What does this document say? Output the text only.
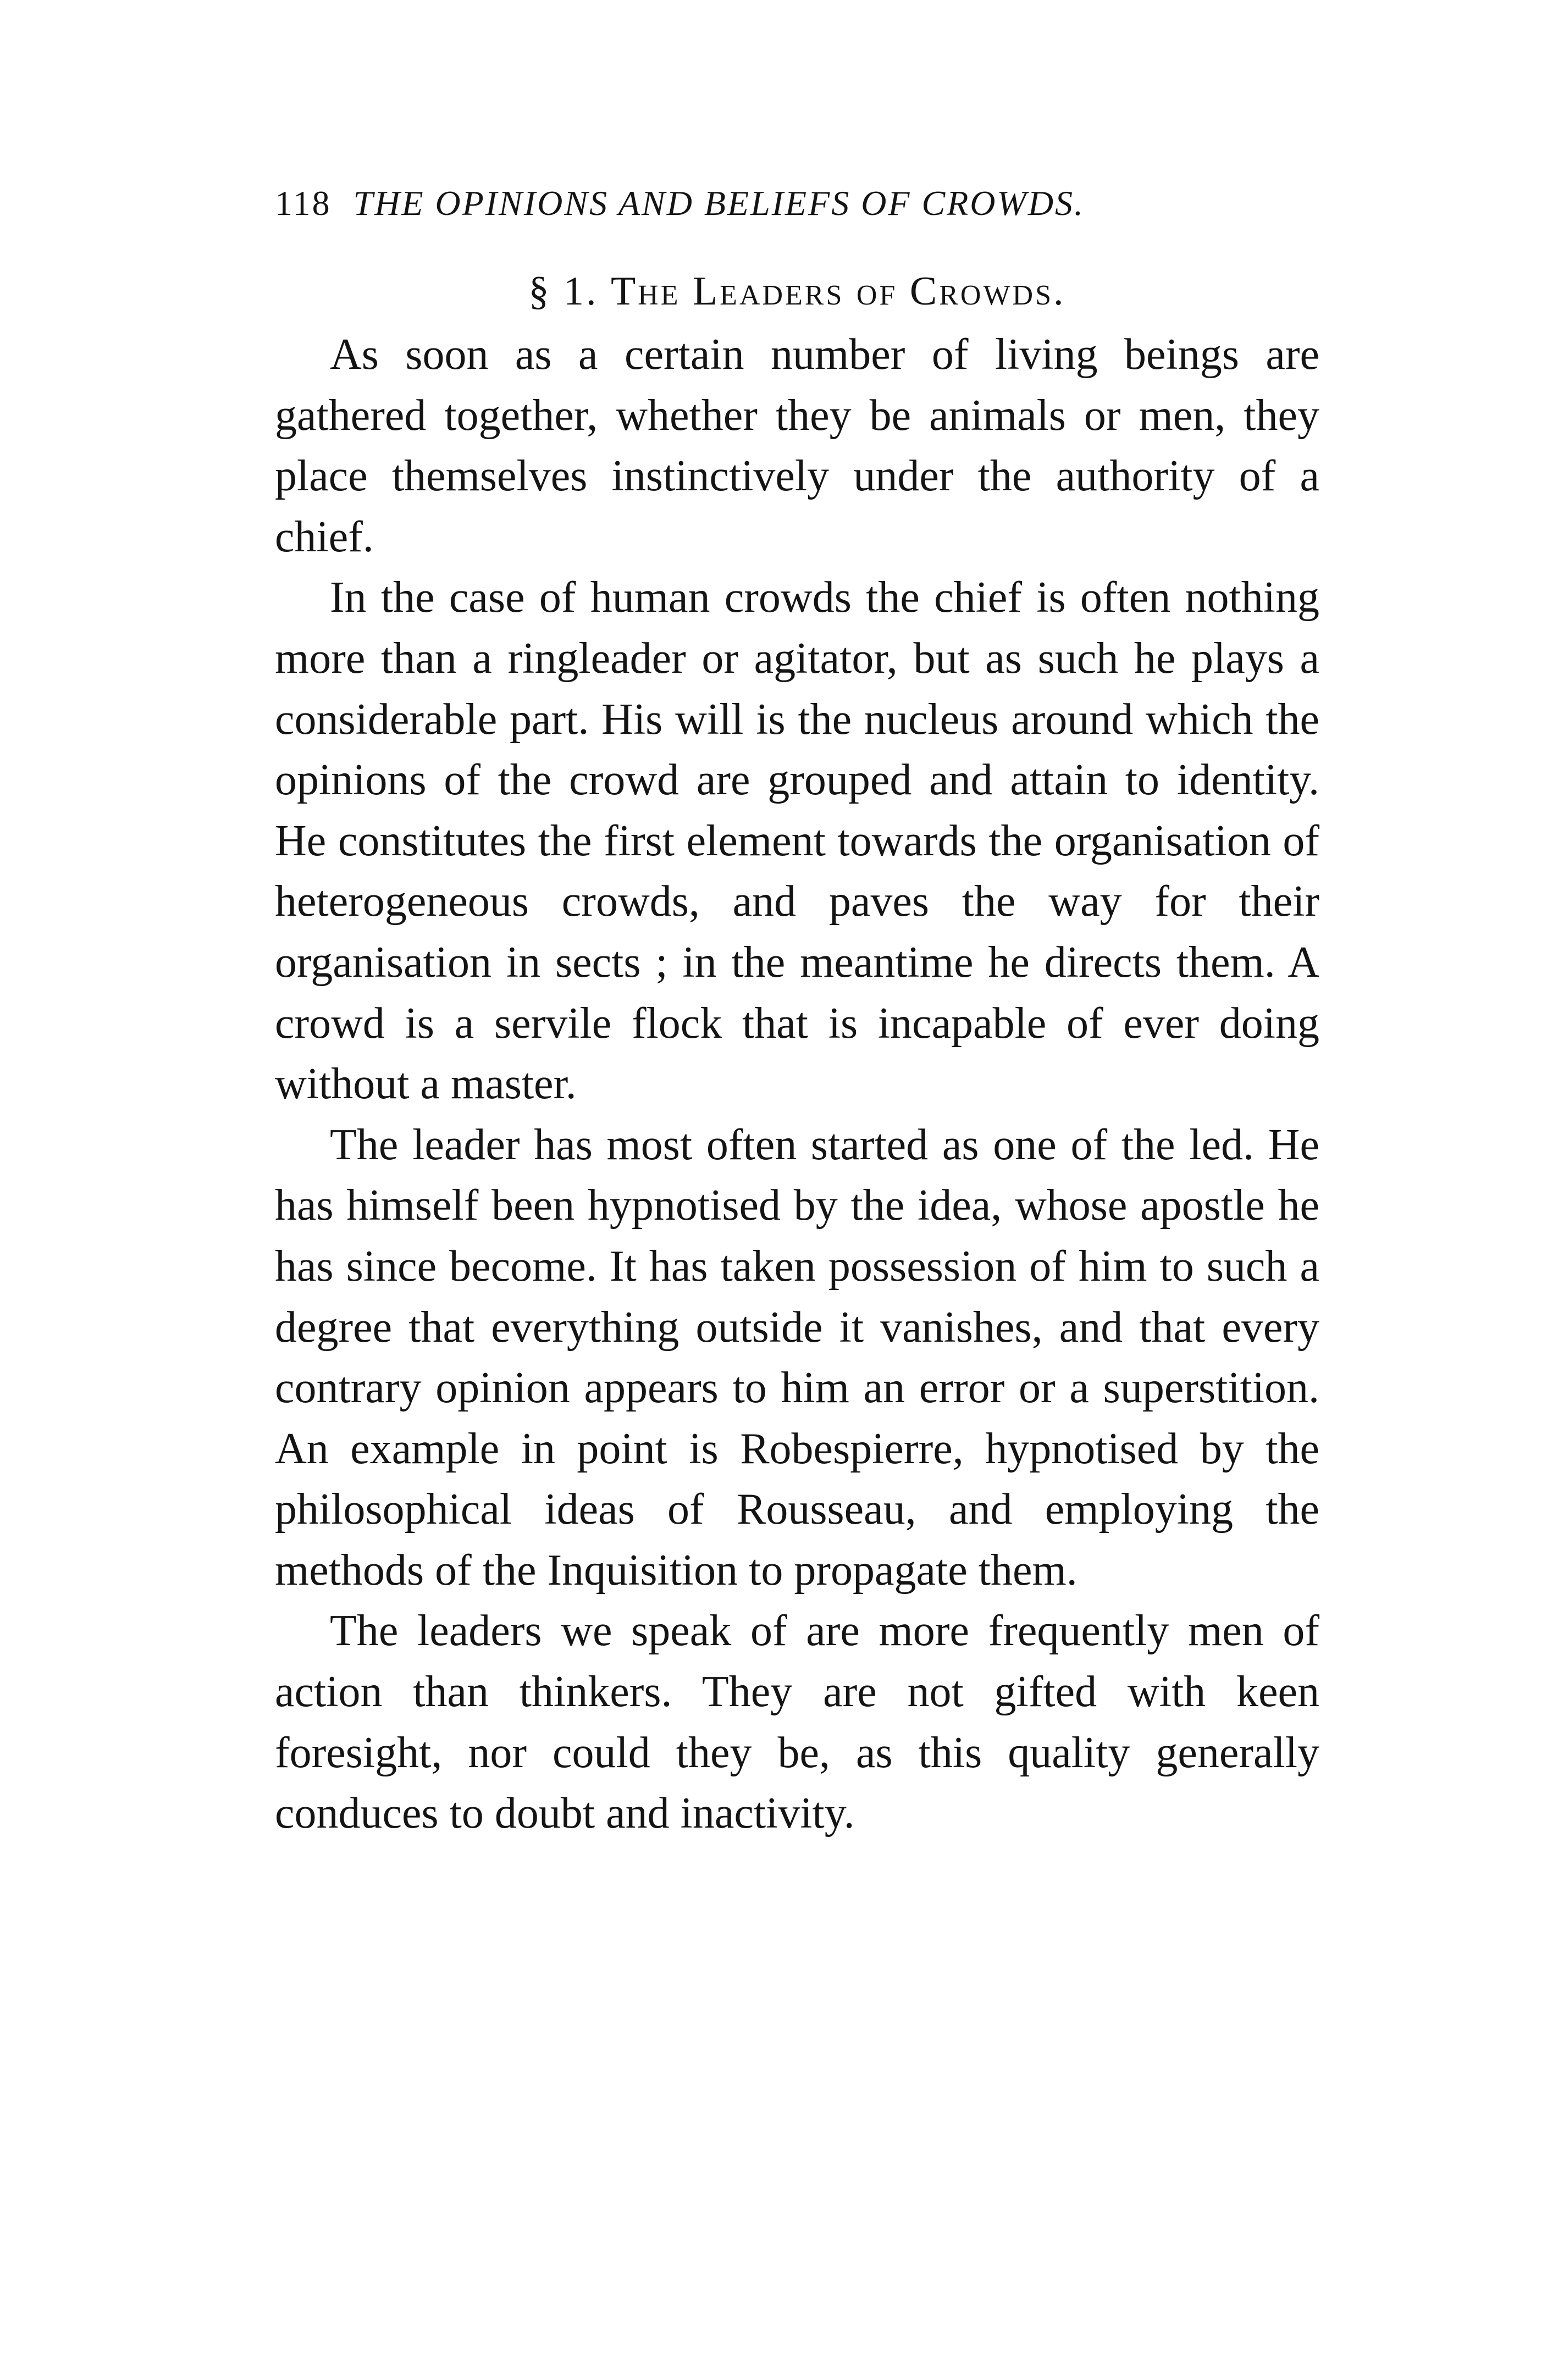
118 THE OPINIONS AND BELIEFS OF CROWDS.
§ 1. The Leaders of Crowds.

As soon as a certain number of living beings are gathered together, whether they be animals or men, they place themselves instinctively under the authority of a chief.

In the case of human crowds the chief is often nothing more than a ringleader or agitator, but as such he plays a considerable part. His will is the nucleus around which the opinions of the crowd are grouped and attain to identity. He constitutes the first element towards the organisation of heterogeneous crowds, and paves the way for their organisation in sects ; in the meantime he directs them. A crowd is a servile flock that is incapable of ever doing without a master.

The leader has most often started as one of the led. He has himself been hypnotised by the idea, whose apostle he has since become. It has taken possession of him to such a degree that everything outside it vanishes, and that every contrary opinion appears to him an error or a superstition. An example in point is Robespierre, hypnotised by the philosophical ideas of Rousseau, and employing the methods of the Inquisition to propagate them.

The leaders we speak of are more frequently men of action than thinkers. They are not gifted with keen foresight, nor could they be, as this quality generally conduces to doubt and inactivity.
